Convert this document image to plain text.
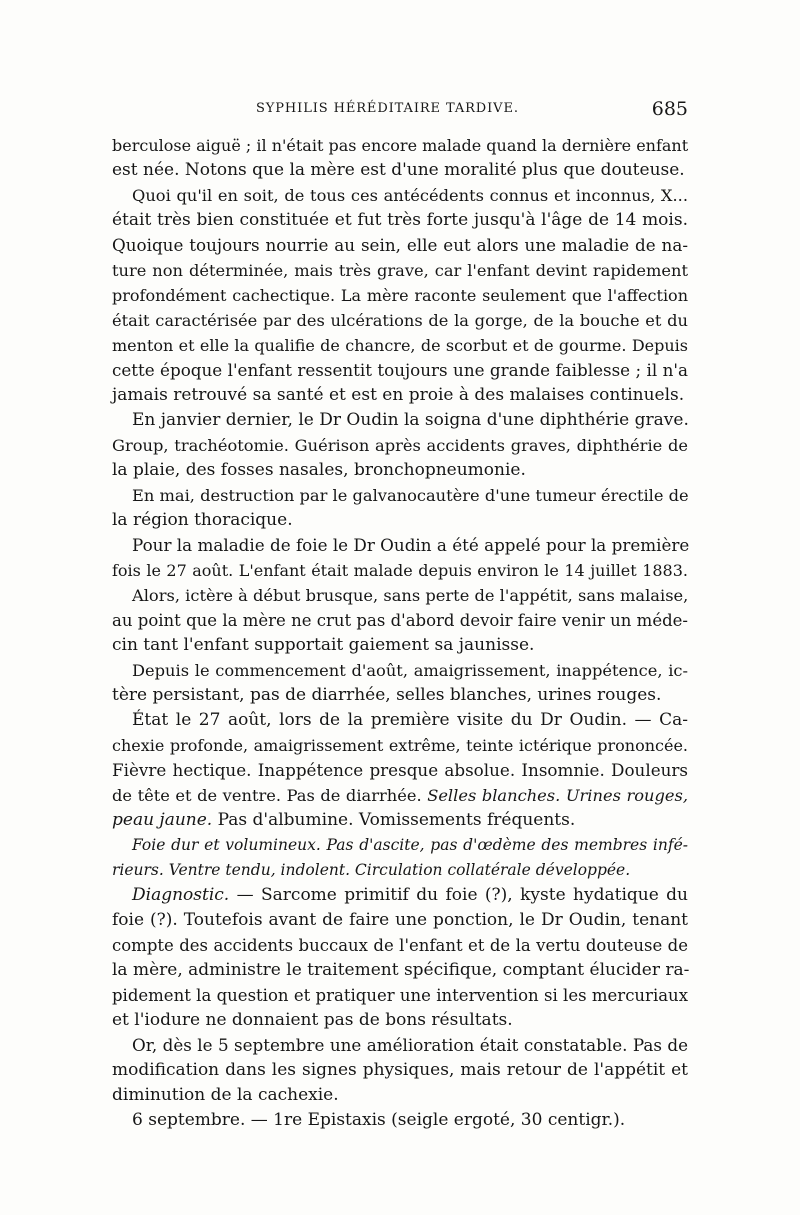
SYPHILIS HÉRÉDITAIRE TARDIVE.	685
berculose aiguë ; il n'était pas encore malade quand la dernière enfant
est née. Notons que la mère est d'une moralité plus que douteuse.
Quoi qu'il en soit, de tous ces antécédents connus et inconnus, X...
était très bien constituée et fut très forte jusqu'à l'âge de 14 mois.
Quoique toujours nourrie au sein, elle eut alors une maladie de na-
ture non déterminée, mais très grave, car l'enfant devint rapidement
profondément cachectique. La mère raconte seulement que l'affection
était caractérisée par des ulcérations de la gorge, de la bouche et du
menton et elle la qualifie de chancre, de scorbut et de gourme. Depuis
cette époque l'enfant ressentit toujours une grande faiblesse ; il n'a
jamais retrouvé sa santé et est en proie à des malaises continuels.
En janvier dernier, le Dr Oudin la soigna d'une diphthérie grave.
Group, trachéotomie. Guérison après accidents graves, diphthérie de
la plaie, des fosses nasales, bronchopneumonie.
En mai, destruction par le galvanocautère d'une tumeur érectile de
la région thoracique.
Pour la maladie de foie le Dr Oudin a été appelé pour la première
fois le 27 août. L'enfant était malade depuis environ le 14 juillet 1883.
Alors, ictère à début brusque, sans perte de l'appétit, sans malaise,
au point que la mère ne crut pas d'abord devoir faire venir un méde-
cin tant l'enfant supportait gaiement sa jaunisse.
Depuis le commencement d'août, amaigrissement, inappétence, ic-
tère persistant, pas de diarrhée, selles blanches, urines rouges.
État le 27 août, lors de la première visite du Dr Oudin. — Ca-
chexie profonde, amaigrissement extrême, teinte ictérique prononcée.
Fièvre hectique. Inappétence presque absolue. Insomnie. Douleurs
de tête et de ventre. Pas de diarrhée. Selles blanches. Urines rouges,
peau jaune. Pas d'albumine. Vomissements fréquents.
Foie dur et volumineux. Pas d'ascite, pas d'œdème des membres infé-
rieurs. Ventre tendu, indolent. Circulation collatérale développée.
Diagnostic. — Sarcome primitif du foie (?), kyste hydatique du
foie (?). Toutefois avant de faire une ponction, le Dr Oudin, tenant
compte des accidents buccaux de l'enfant et de la vertu douteuse de
la mère, administre le traitement spécifique, comptant élucider ra-
pidement la question et pratiquer une intervention si les mercuriaux
et l'iodure ne donnaient pas de bons résultats.
Or, dès le 5 septembre une amélioration était constatable. Pas de
modification dans les signes physiques, mais retour de l'appétit et
diminution de la cachexie.
6 septembre. — 1re Epistaxis (seigle ergoté, 30 centigr.).
